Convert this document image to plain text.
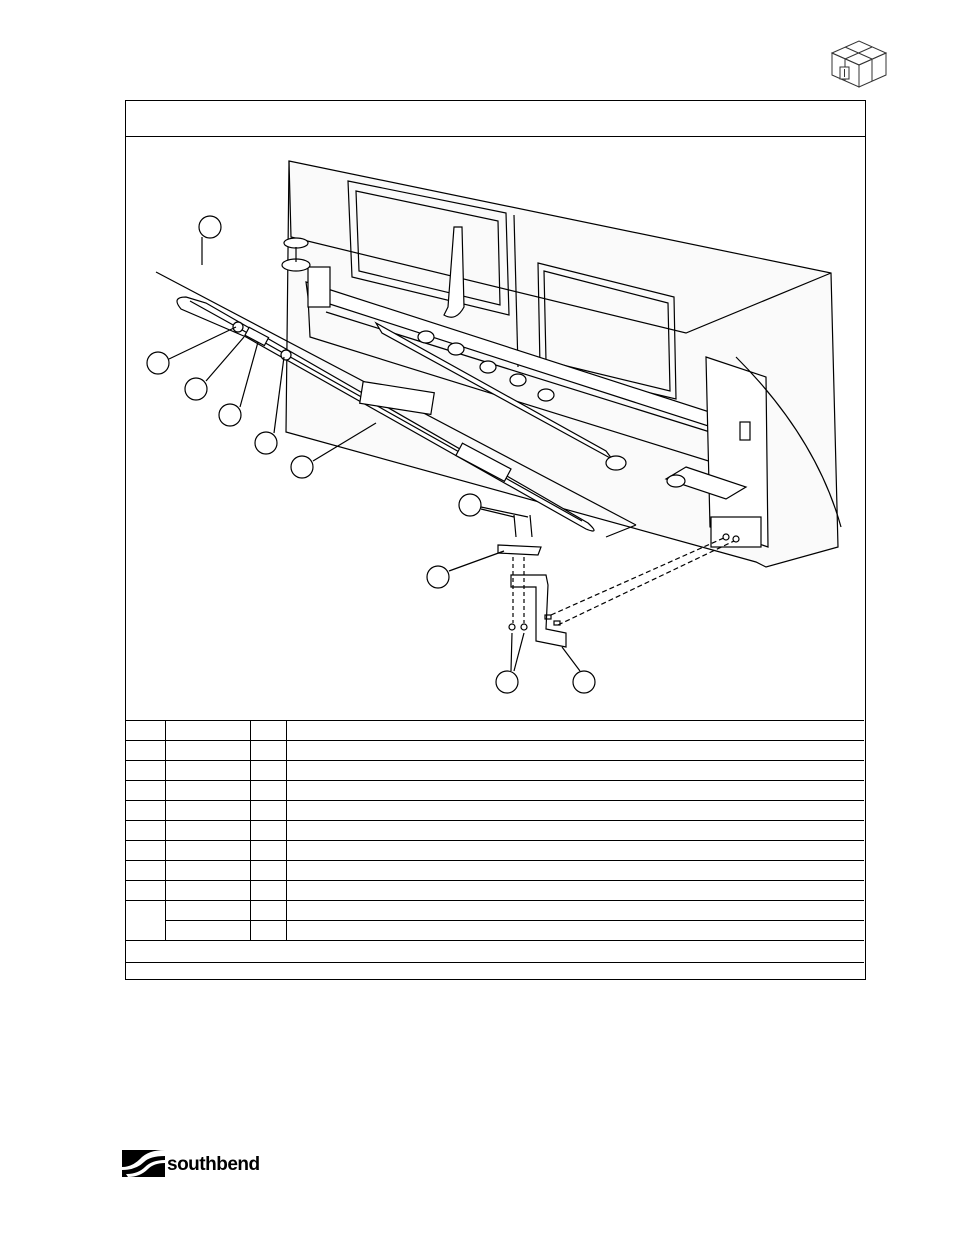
southbend
